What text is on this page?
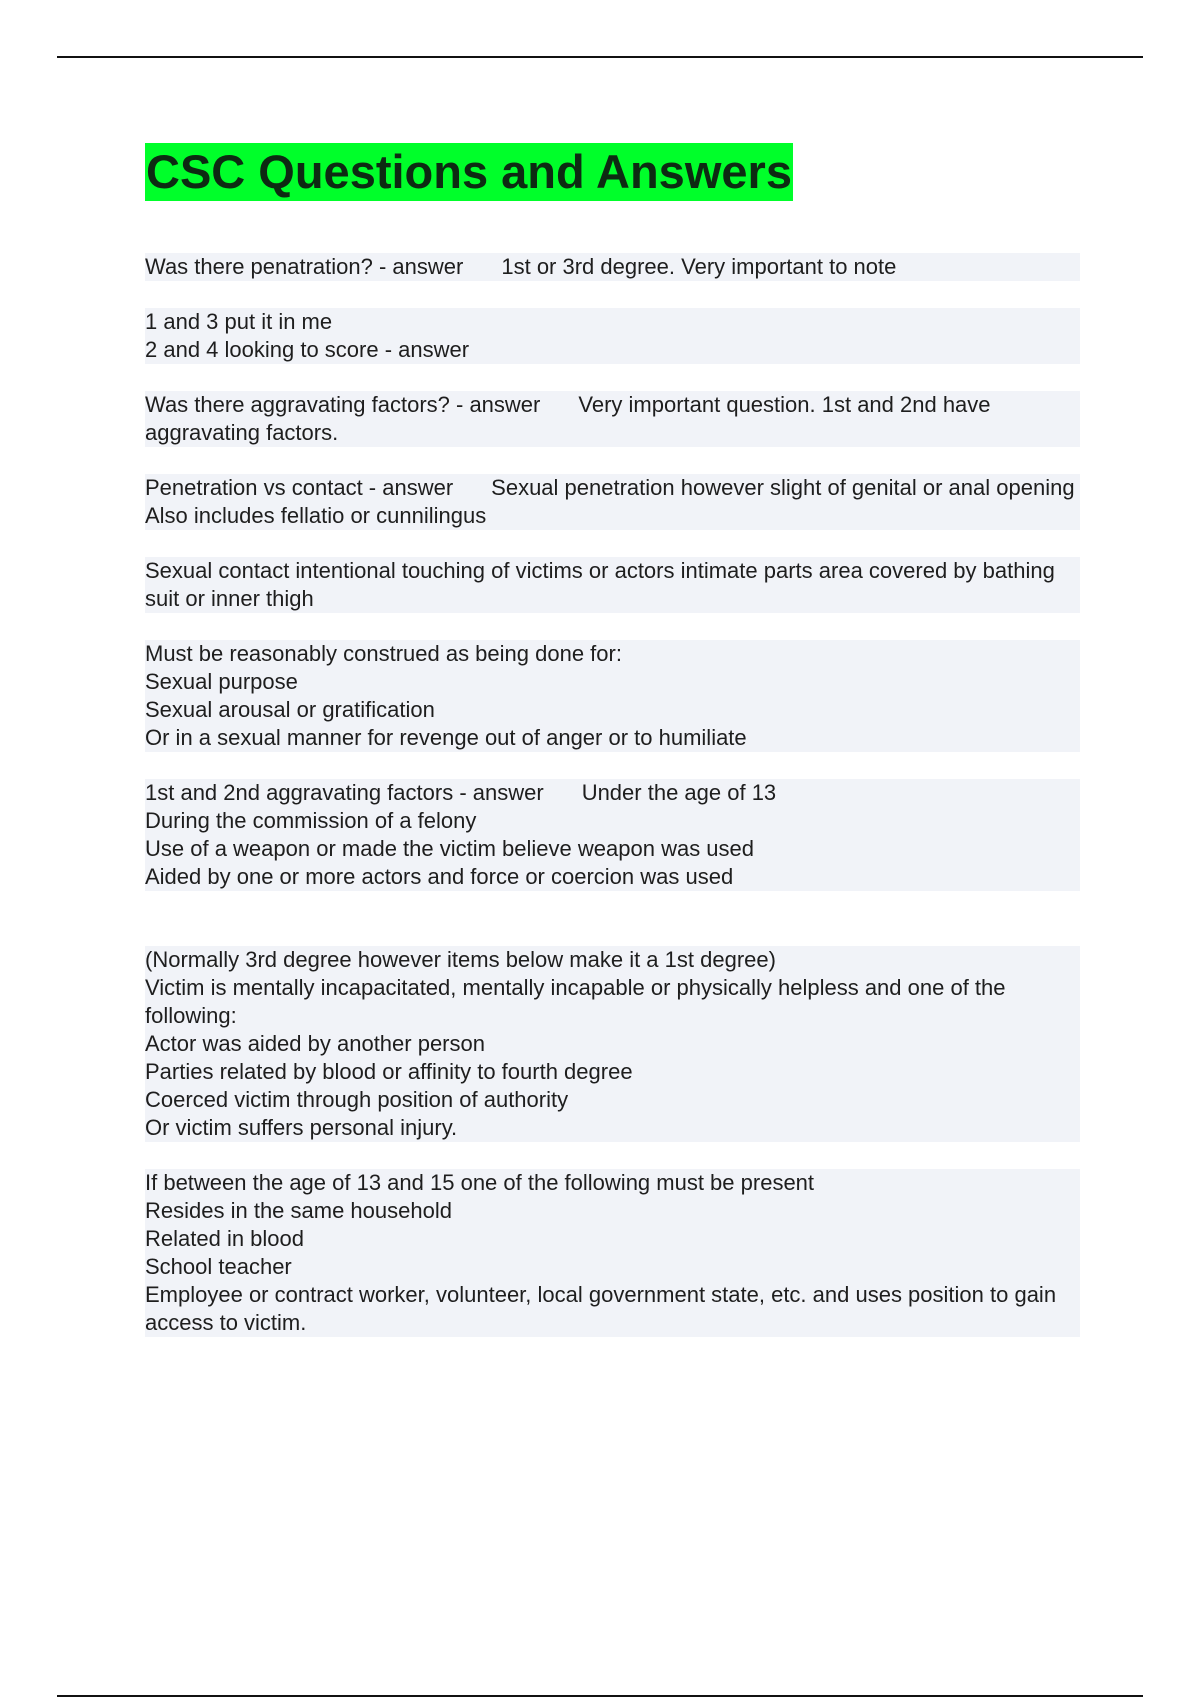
CSC Questions and Answers
Was there penatration? - answer 1st or 3rd degree. Very important to note
1 and 3 put it in me
2 and 4 looking to score - answer
Was there aggravating factors? - answer Very important question. 1st and 2nd have aggravating factors.
Penetration vs contact - answer Sexual penetration however slight of genital or anal opening
Also includes fellatio or cunnilingus
Sexual contact intentional touching of victims or actors intimate parts area covered by bathing suit or inner thigh
Must be reasonably construed as being done for:
Sexual purpose
Sexual arousal or gratification
Or in a sexual manner for revenge out of anger or to humiliate
1st and 2nd aggravating factors - answer Under the age of 13
During the commission of a felony
Use of a weapon or made the victim believe weapon was used
Aided by one or more actors and force or coercion was used
(Normally 3rd degree however items below make it a 1st degree)
Victim is mentally incapacitated, mentally incapable or physically helpless and one of the following:
Actor was aided by another person
Parties related by blood or affinity to fourth degree
Coerced victim through position of authority
Or victim suffers personal injury.
If between the age of 13 and 15 one of the following must be present
Resides in the same household
Related in blood
School teacher
Employee or contract worker, volunteer, local government state, etc. and uses position to gain access to victim.
